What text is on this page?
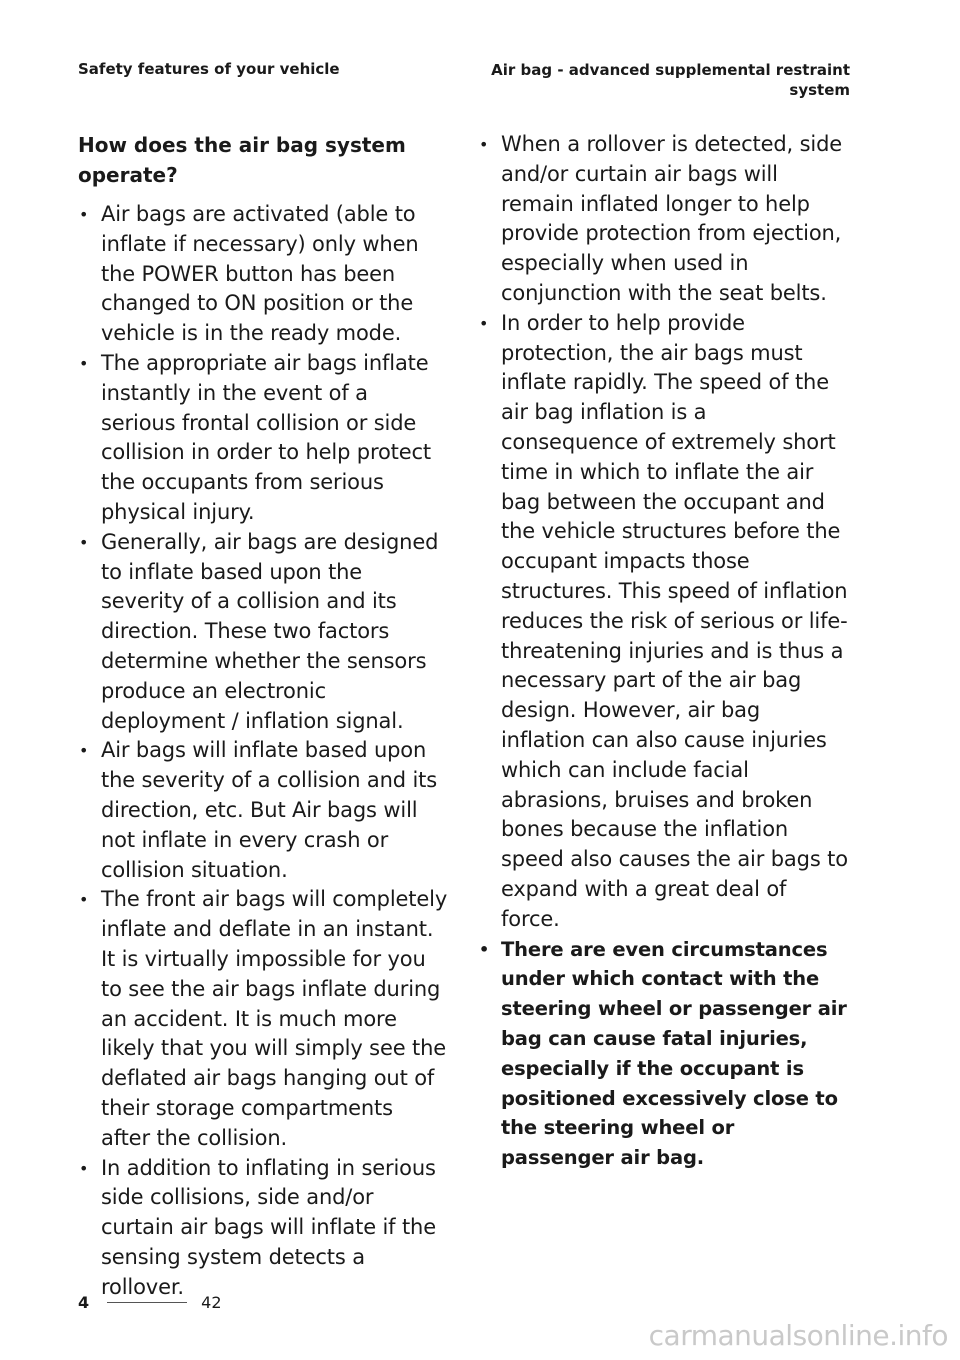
Safety features of your vehicle	Air bag - advanced supplemental restraint system
How does the air bag system operate?
• Air bags are activated (able to inflate if necessary) only when the POWER button has been changed to ON position or the vehicle is in the ready mode.
• The appropriate air bags inflate instantly in the event of a serious frontal collision or side collision in order to help protect the occupants from serious physical injury.
• Generally, air bags are designed to inflate based upon the severity of a collision and its direction. These two factors determine whether the sensors produce an electronic deployment / inflation signal.
• Air bags will inflate based upon the severity of a collision and its direction, etc. But Air bags will not inflate in every crash or collision situation.
• The front air bags will completely inflate and deflate in an instant. It is virtually impossible for you to see the air bags inflate during an accident. It is much more likely that you will simply see the deflated air bags hanging out of their storage compartments after the collision.
• In addition to inflating in serious side collisions, side and/or curtain air bags will inflate if the sensing system detects a rollover.
• When a rollover is detected, side and/or curtain air bags will remain inflated longer to help provide protection from ejection, especially when used in conjunction with the seat belts.
• In order to help provide protection, the air bags must inflate rapidly. The speed of the air bag inflation is a consequence of extremely short time in which to inflate the air bag between the occupant and the vehicle structures before the occupant impacts those structures. This speed of inflation reduces the risk of serious or life-threatening injuries and is thus a necessary part of the air bag design. However, air bag inflation can also cause injuries which can include facial abrasions, bruises and broken bones because the inflation speed also causes the air bags to expand with a great deal of force.
• There are even circumstances under which contact with the steering wheel or passenger air bag can cause fatal injuries, especially if the occupant is positioned excessively close to the steering wheel or passenger air bag.
4	42
carmanualsonline.info
